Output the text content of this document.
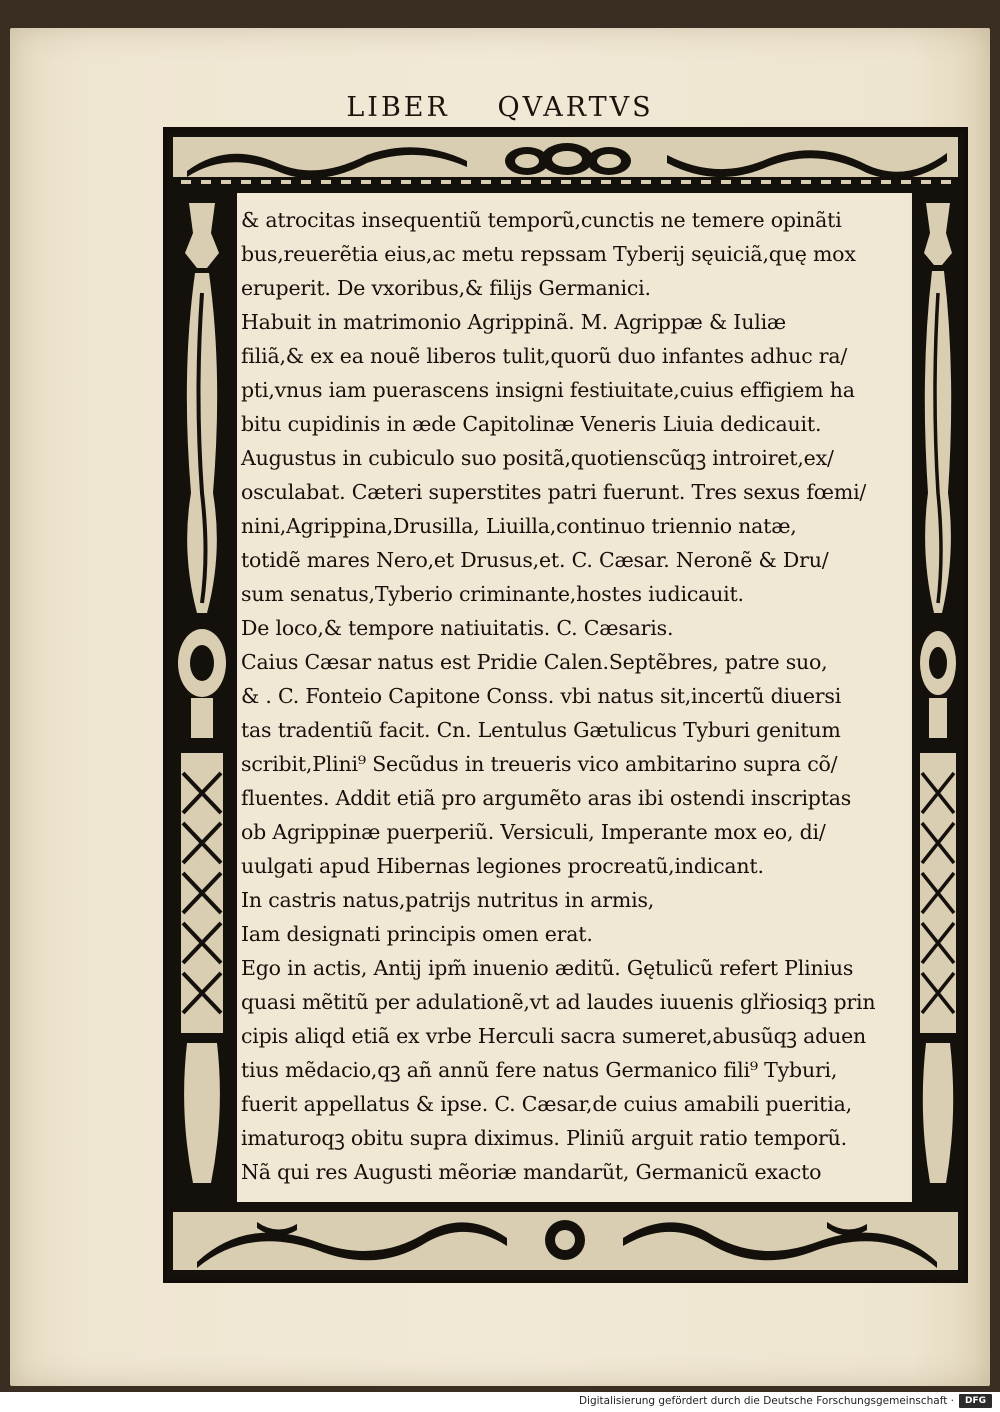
LIBER QVARTVS
& atrocitas insequentiũ temporũ,cunctis ne temere opinãti
bus,reuerẽtia eius,ac metu repssam Tyberij sęuiciã,quę mox
eruperit. De vxoribus,& filijs Germanici.
Habuit in matrimonio Agrippinã. M. Agrippæ & Iuliæ
filiã,& ex ea nouẽ liberos tulit,quorũ duo infantes adhuc ra/
pti,vnus iam puerascens insigni festiuitate,cuius effigiem ha
bitu cupidinis in æde Capitolinæ Veneris Liuia dedicauit.
Augustus in cubiculo suo positã,quotienscũqꝫ introiret,ex/
osculabat. Cæteri superstites patri fuerunt. Tres sexus fœmi/
nini,Agrippina,Drusilla, Liuilla,continuo triennio natæ,
totidẽ mares Nero,et Drusus,et. C. Cæsar. Neronẽ & Dru/
sum senatus,Tyberio criminante,hostes iudicauit.
De loco,& tempore natiuitatis. C. Cæsaris.
Caius Cæsar natus est Pridie Calen.Septẽbres, patre suo,
& . C. Fonteio Capitone Conss. vbi natus sit,incertũ diuersi
tas tradentiũ facit. Cn. Lentulus Gætulicus Tyburi genitum
scribit,Plini⁹ Secũdus in treueris vico ambitarino supra cõ/
fluentes. Addit etiã pro argumẽto aras ibi ostendi inscriptas
ob Agrippinæ puerperiũ. Versiculi, Imperante mox eo, di/
uulgati apud Hibernas legiones procreatũ,indicant.
In castris natus,patrijs nutritus in armis,
Iam designati principis omen erat.
Ego in actis, Antij ipm̃ inuenio æditũ. Gętulicũ refert Plinius
quasi mẽtitũ per adulationẽ,vt ad laudes iuuenis glřiosiqꝫ prin
cipis aliqd etiã ex vrbe Herculi sacra sumeret,abusũqꝫ aduen
tius mẽdacio,qꝫ añ annũ fere natus Germanico fili⁹ Tyburi,
fuerit appellatus & ipse. C. Cæsar,de cuius amabili pueritia,
imaturoqꝫ obitu supra diximus. Pliniũ arguit ratio temporũ.
Nã qui res Augusti mẽoriæ mandarũt, Germanicũ exacto
Digitalisierung gefördert durch die Deutsche Forschungsgemeinschaft ·	DFG
